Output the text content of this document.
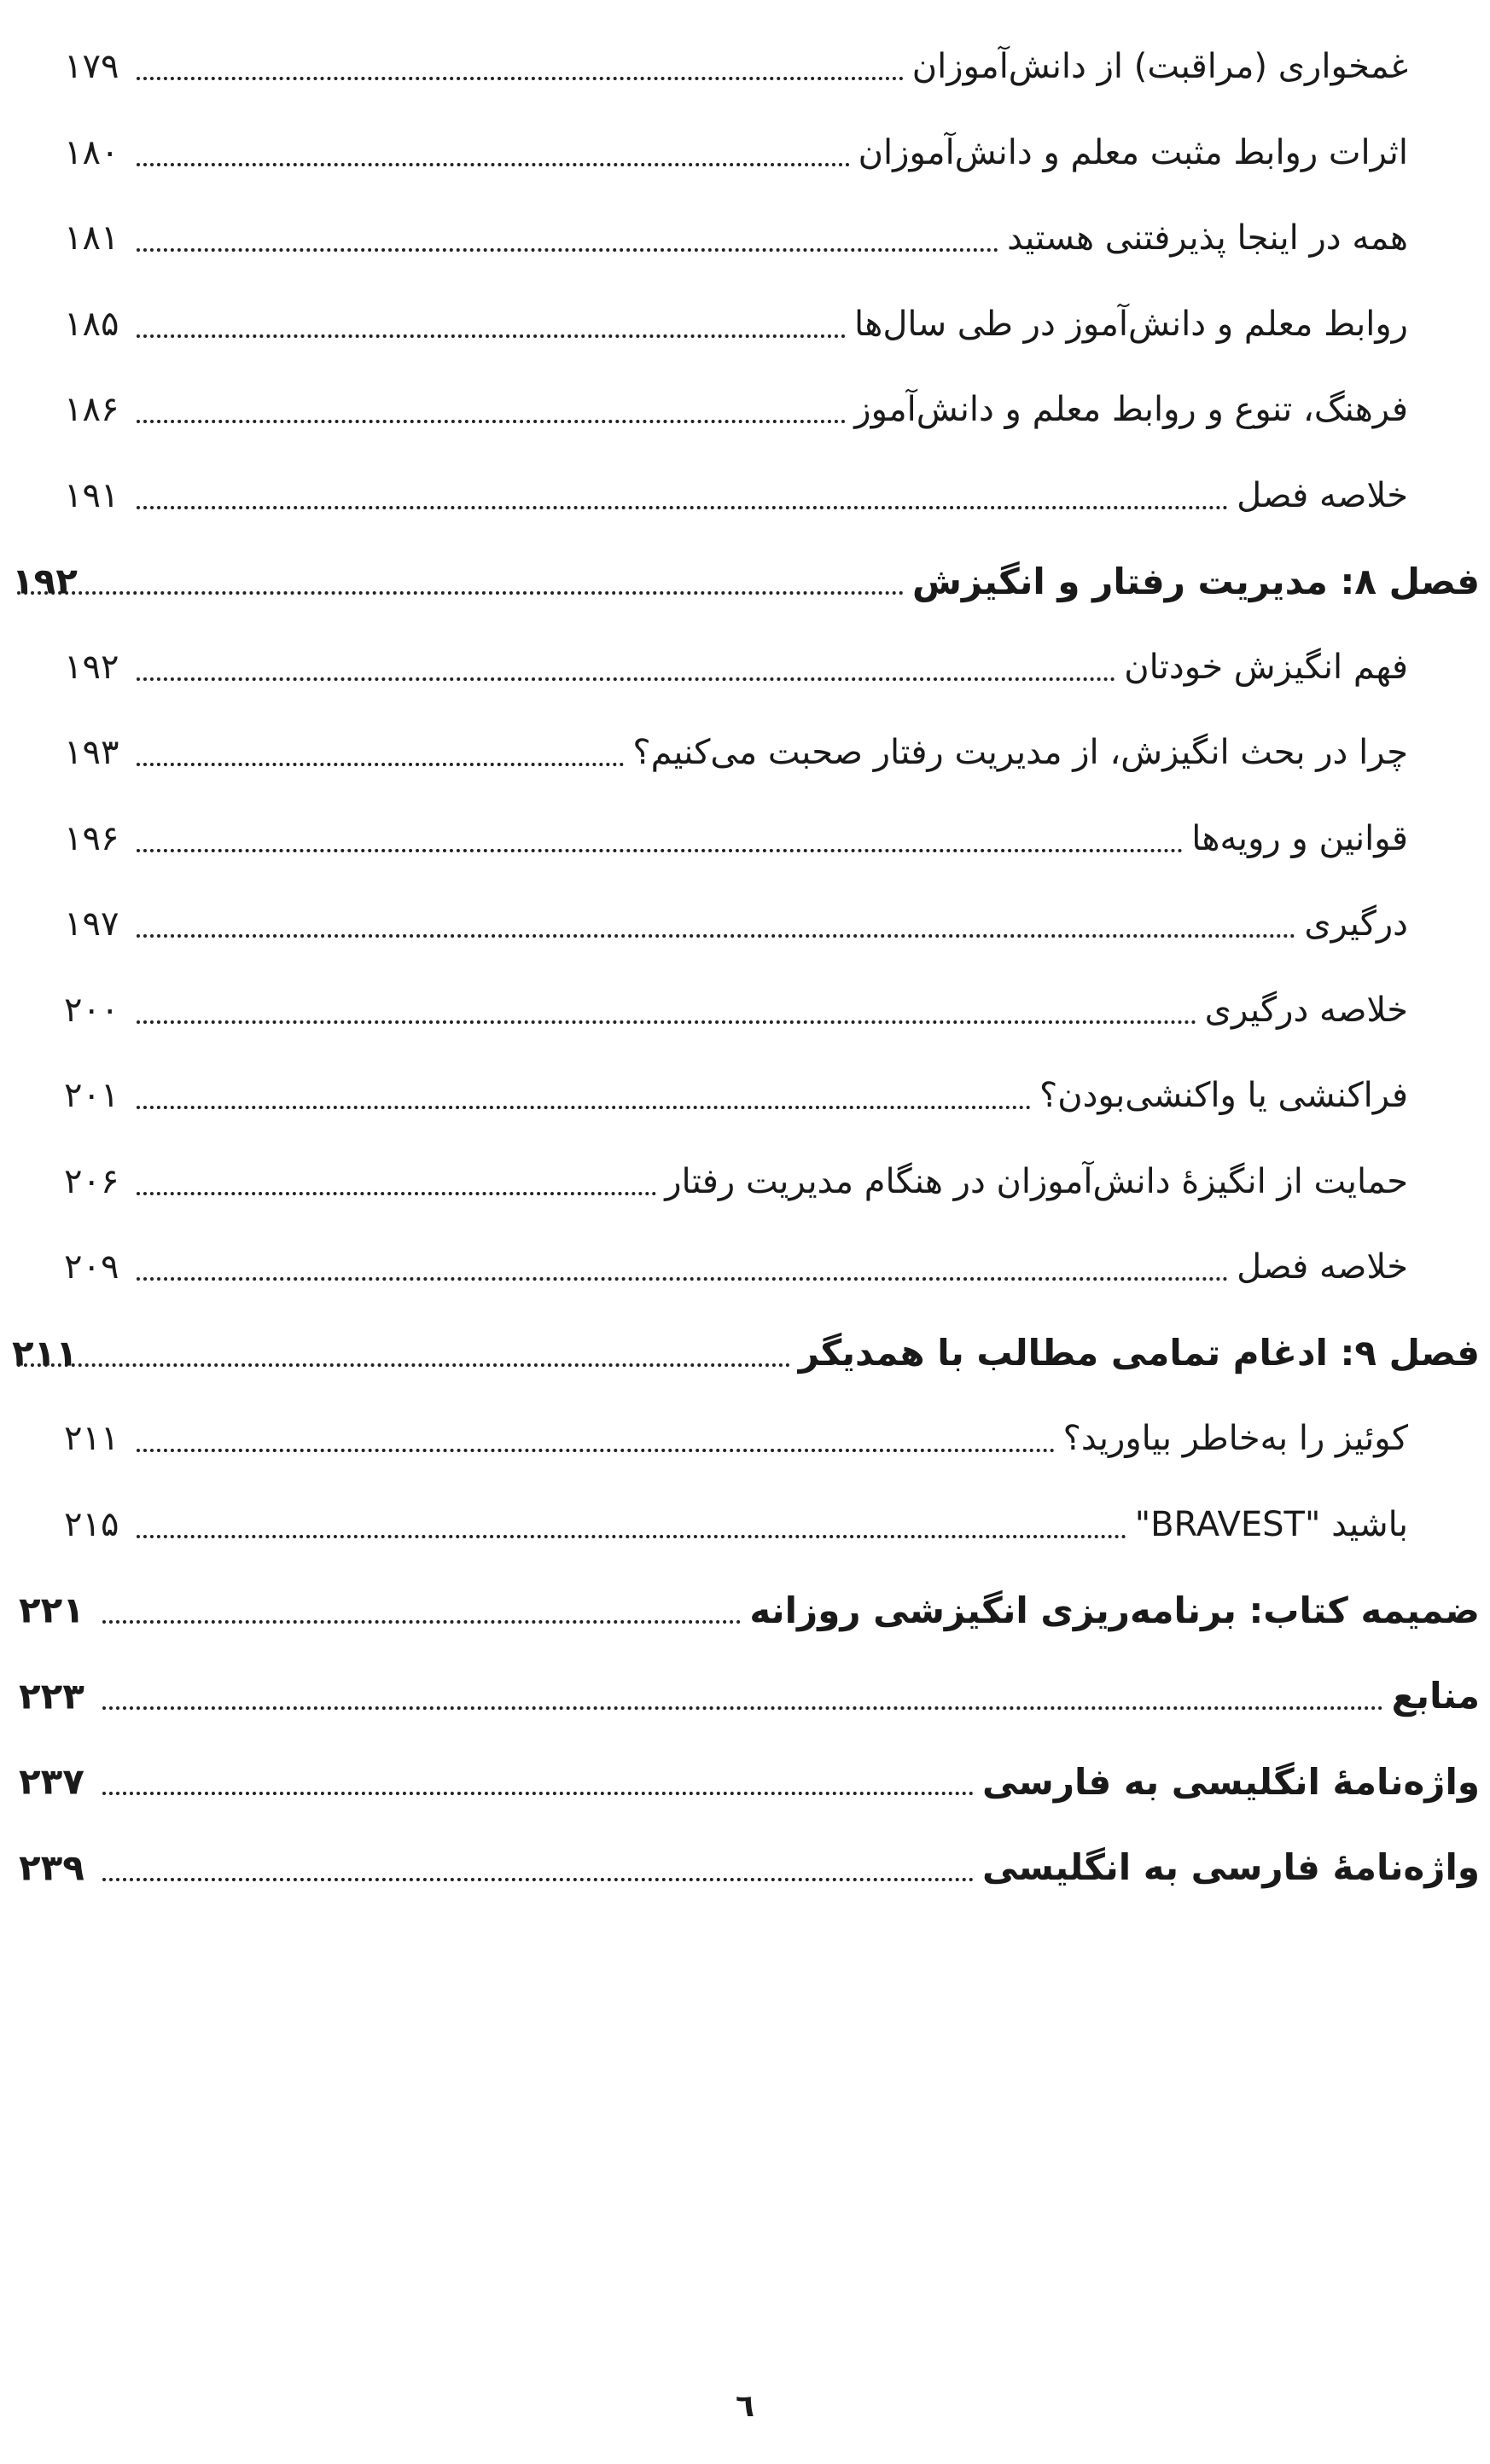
غمخواری (مراقبت) از دانش‌آموزان
۱۷۹
اثرات روابط مثبت معلم و دانش‌آموزان
۱۸۰
همه در اینجا پذیرفتنی هستید
۱۸۱
روابط معلم و دانش‌آموز در طی سال‌ها
۱۸۵
فرهنگ، تنوع و روابط معلم و دانش‌آموز
۱۸۶
خلاصه فصل
۱۹۱
فصل ۸: مدیریت رفتار و انگیزش
۱۹۲
فهم انگیزش خودتان
۱۹۲
چرا در بحث انگیزش، از مدیریت رفتار صحبت می‌کنیم؟
۱۹۳
قوانین و رویه‌ها
۱۹۶
درگیری
۱۹۷
خلاصه درگیری
۲۰۰
فراکنشی یا واکنشی‌بودن؟
۲۰۱
حمایت از انگیزهٔ دانش‌آموزان در هنگام مدیریت رفتار
۲۰۶
خلاصه فصل
۲۰۹
فصل ۹: ادغام تمامی مطالب با همدیگر
۲۱۱
کوئیز را به‌خاطر بیاورید؟
۲۱۱
"BRAVEST" باشید
۲۱۵
ضمیمه کتاب: برنامه‌ریزی انگیزشی روزانه
۲۲۱
منابع
۲۲۳
واژه‌نامهٔ انگلیسی به فارسی
۲۳۷
واژه‌نامهٔ فارسی به انگلیسی
۲۳۹
٦
